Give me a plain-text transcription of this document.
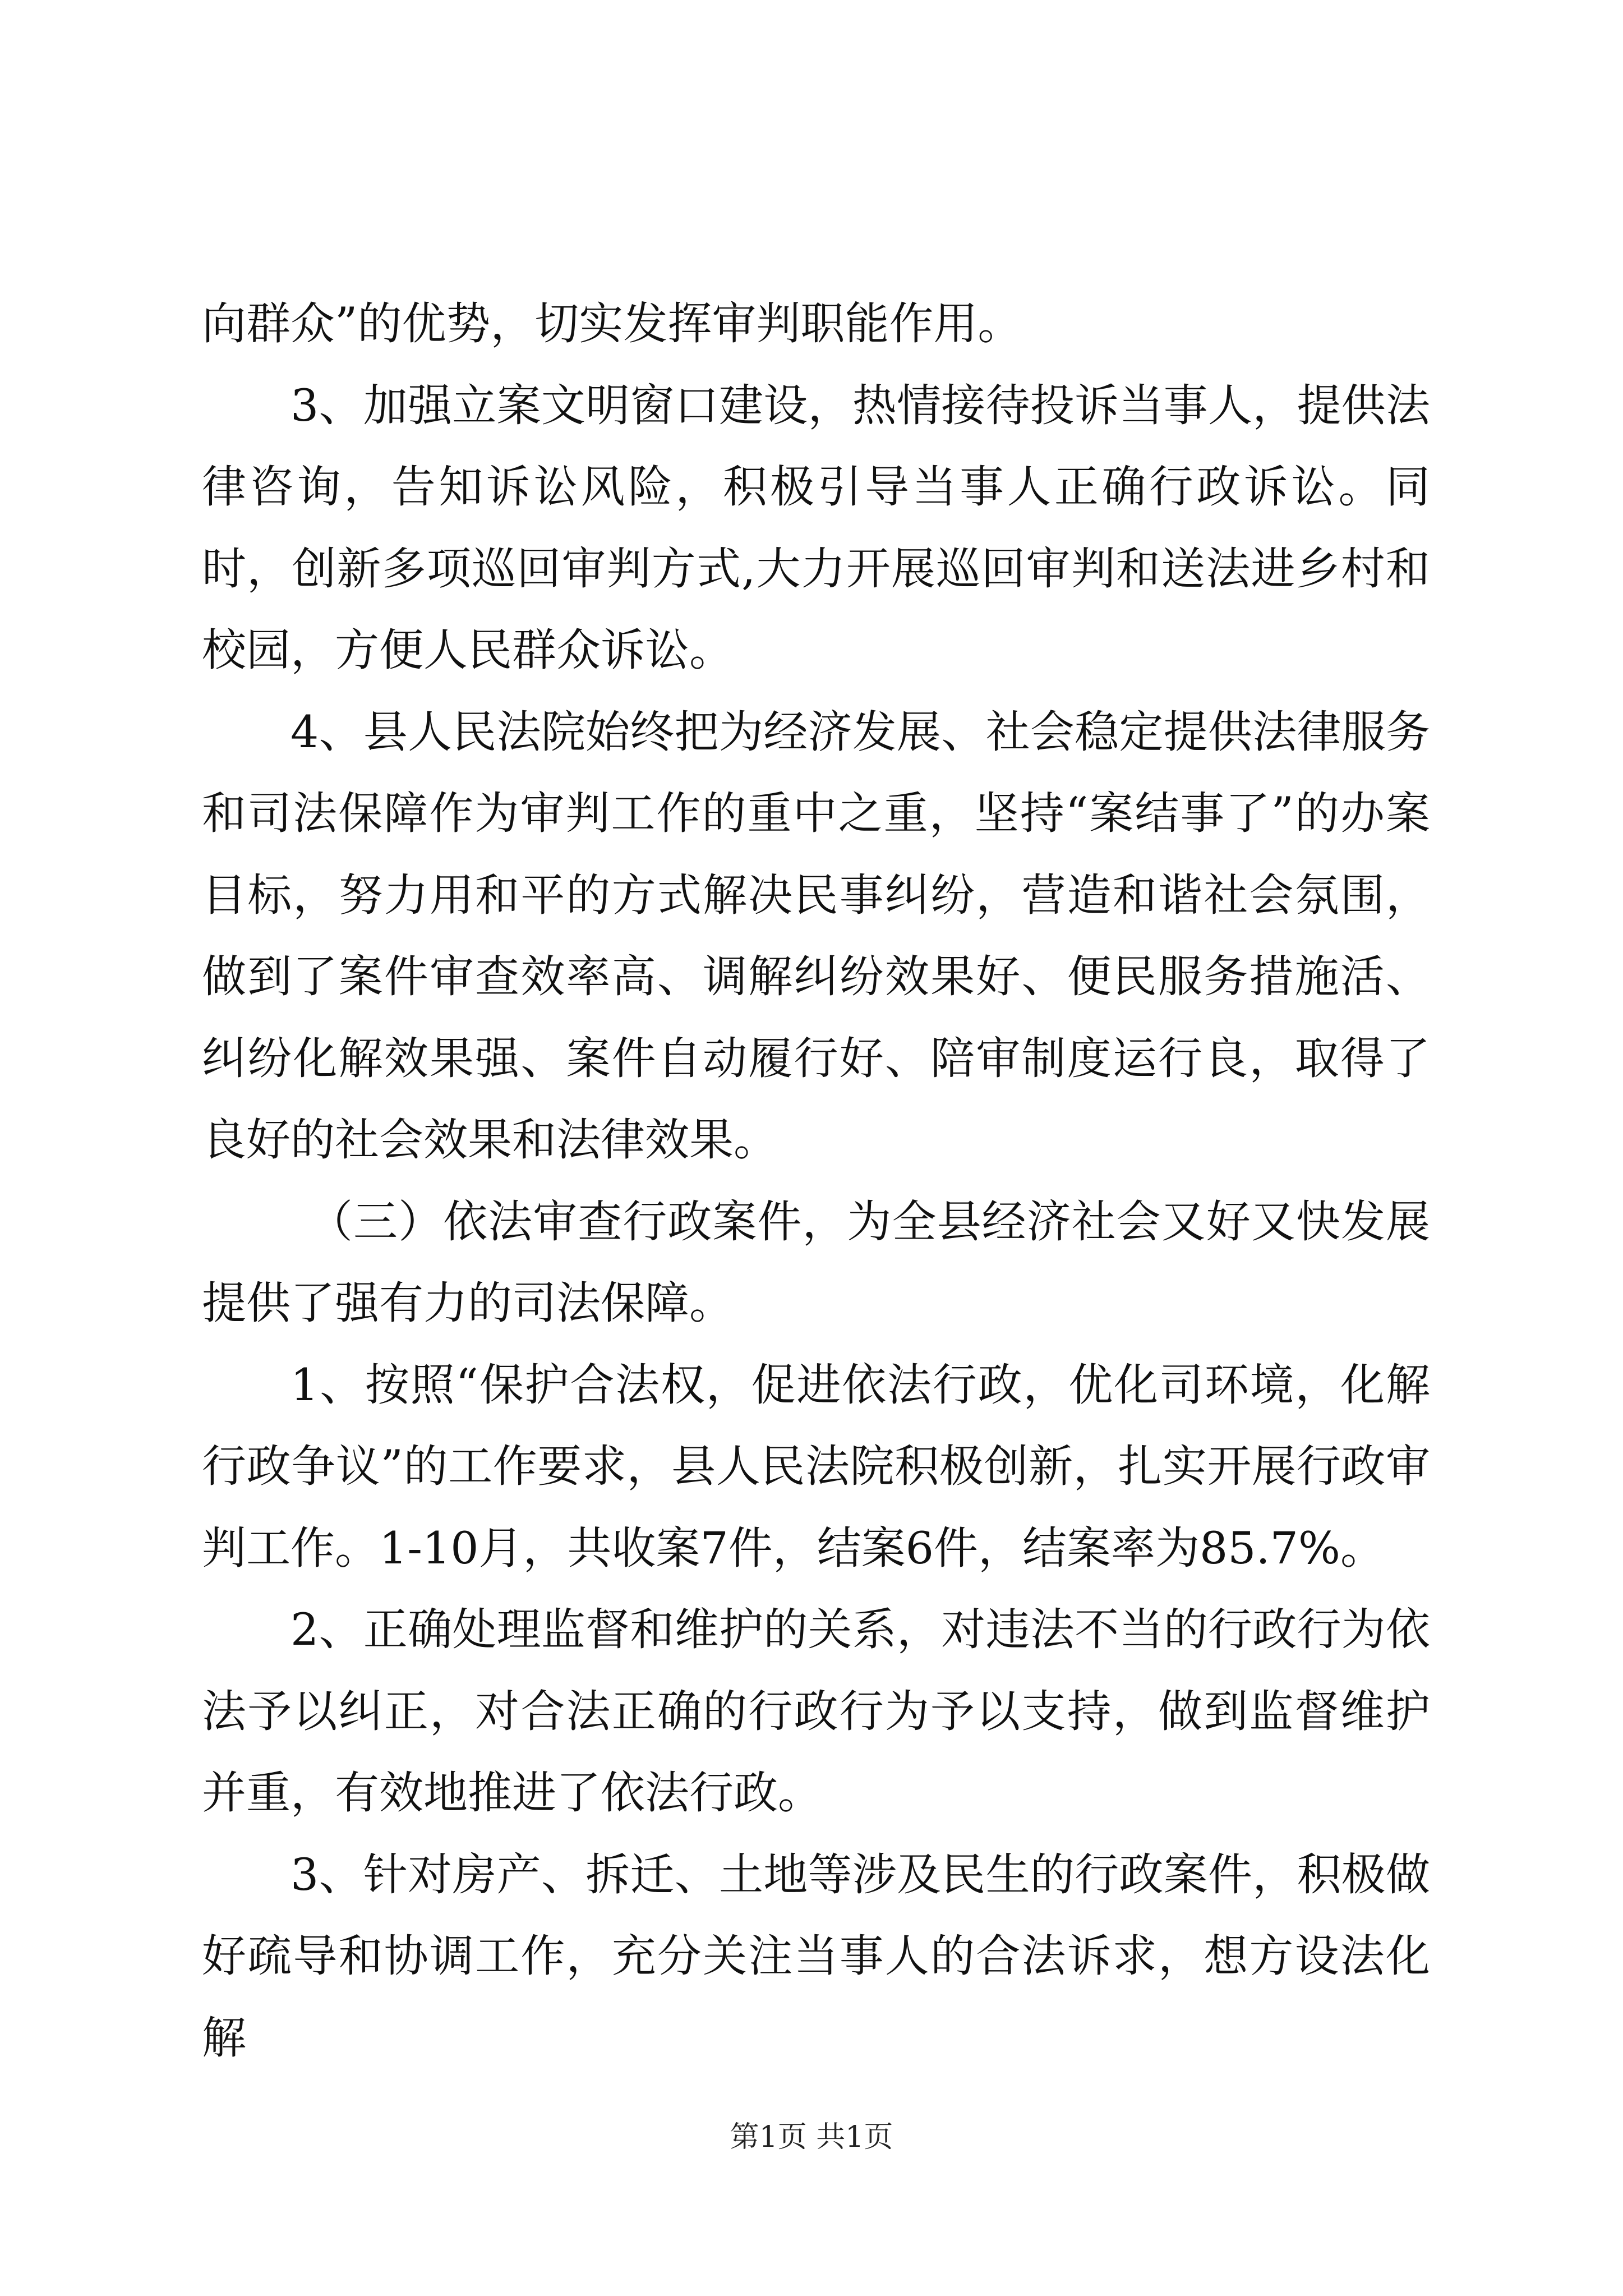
向群众”的优势，切实发挥审判职能作用。

3、加强立案文明窗口建设，热情接待投诉当事人，提供法律咨询，告知诉讼风险，积极引导当事人正确行政诉讼。同时，创新多项巡回审判方式,大力开展巡回审判和送法进乡村和校园，方便人民群众诉讼。

4、县人民法院始终把为经济发展、社会稳定提供法律服务和司法保障作为审判工作的重中之重，坚持“案结事了”的办案目标，努力用和平的方式解决民事纠纷，营造和谐社会氛围，做到了案件审查效率高、调解纠纷效果好、便民服务措施活、纠纷化解效果强、案件自动履行好、陪审制度运行良，取得了良好的社会效果和法律效果。

（三）依法审查行政案件，为全县经济社会又好又快发展提供了强有力的司法保障。

1、按照“保护合法权，促进依法行政，优化司环境，化解行政争议”的工作要求，县人民法院积极创新，扎实开展行政审判工作。1-10月，共收案7件，结案6件，结案率为85.7%。

2、正确处理监督和维护的关系，对违法不当的行政行为依法予以纠正，对合法正确的行政行为予以支持，做到监督维护并重，有效地推进了依法行政。

3、针对房产、拆迁、土地等涉及民生的行政案件，积极做好疏导和协调工作，充分关注当事人的合法诉求，想方设法化解

第1页 共1页
